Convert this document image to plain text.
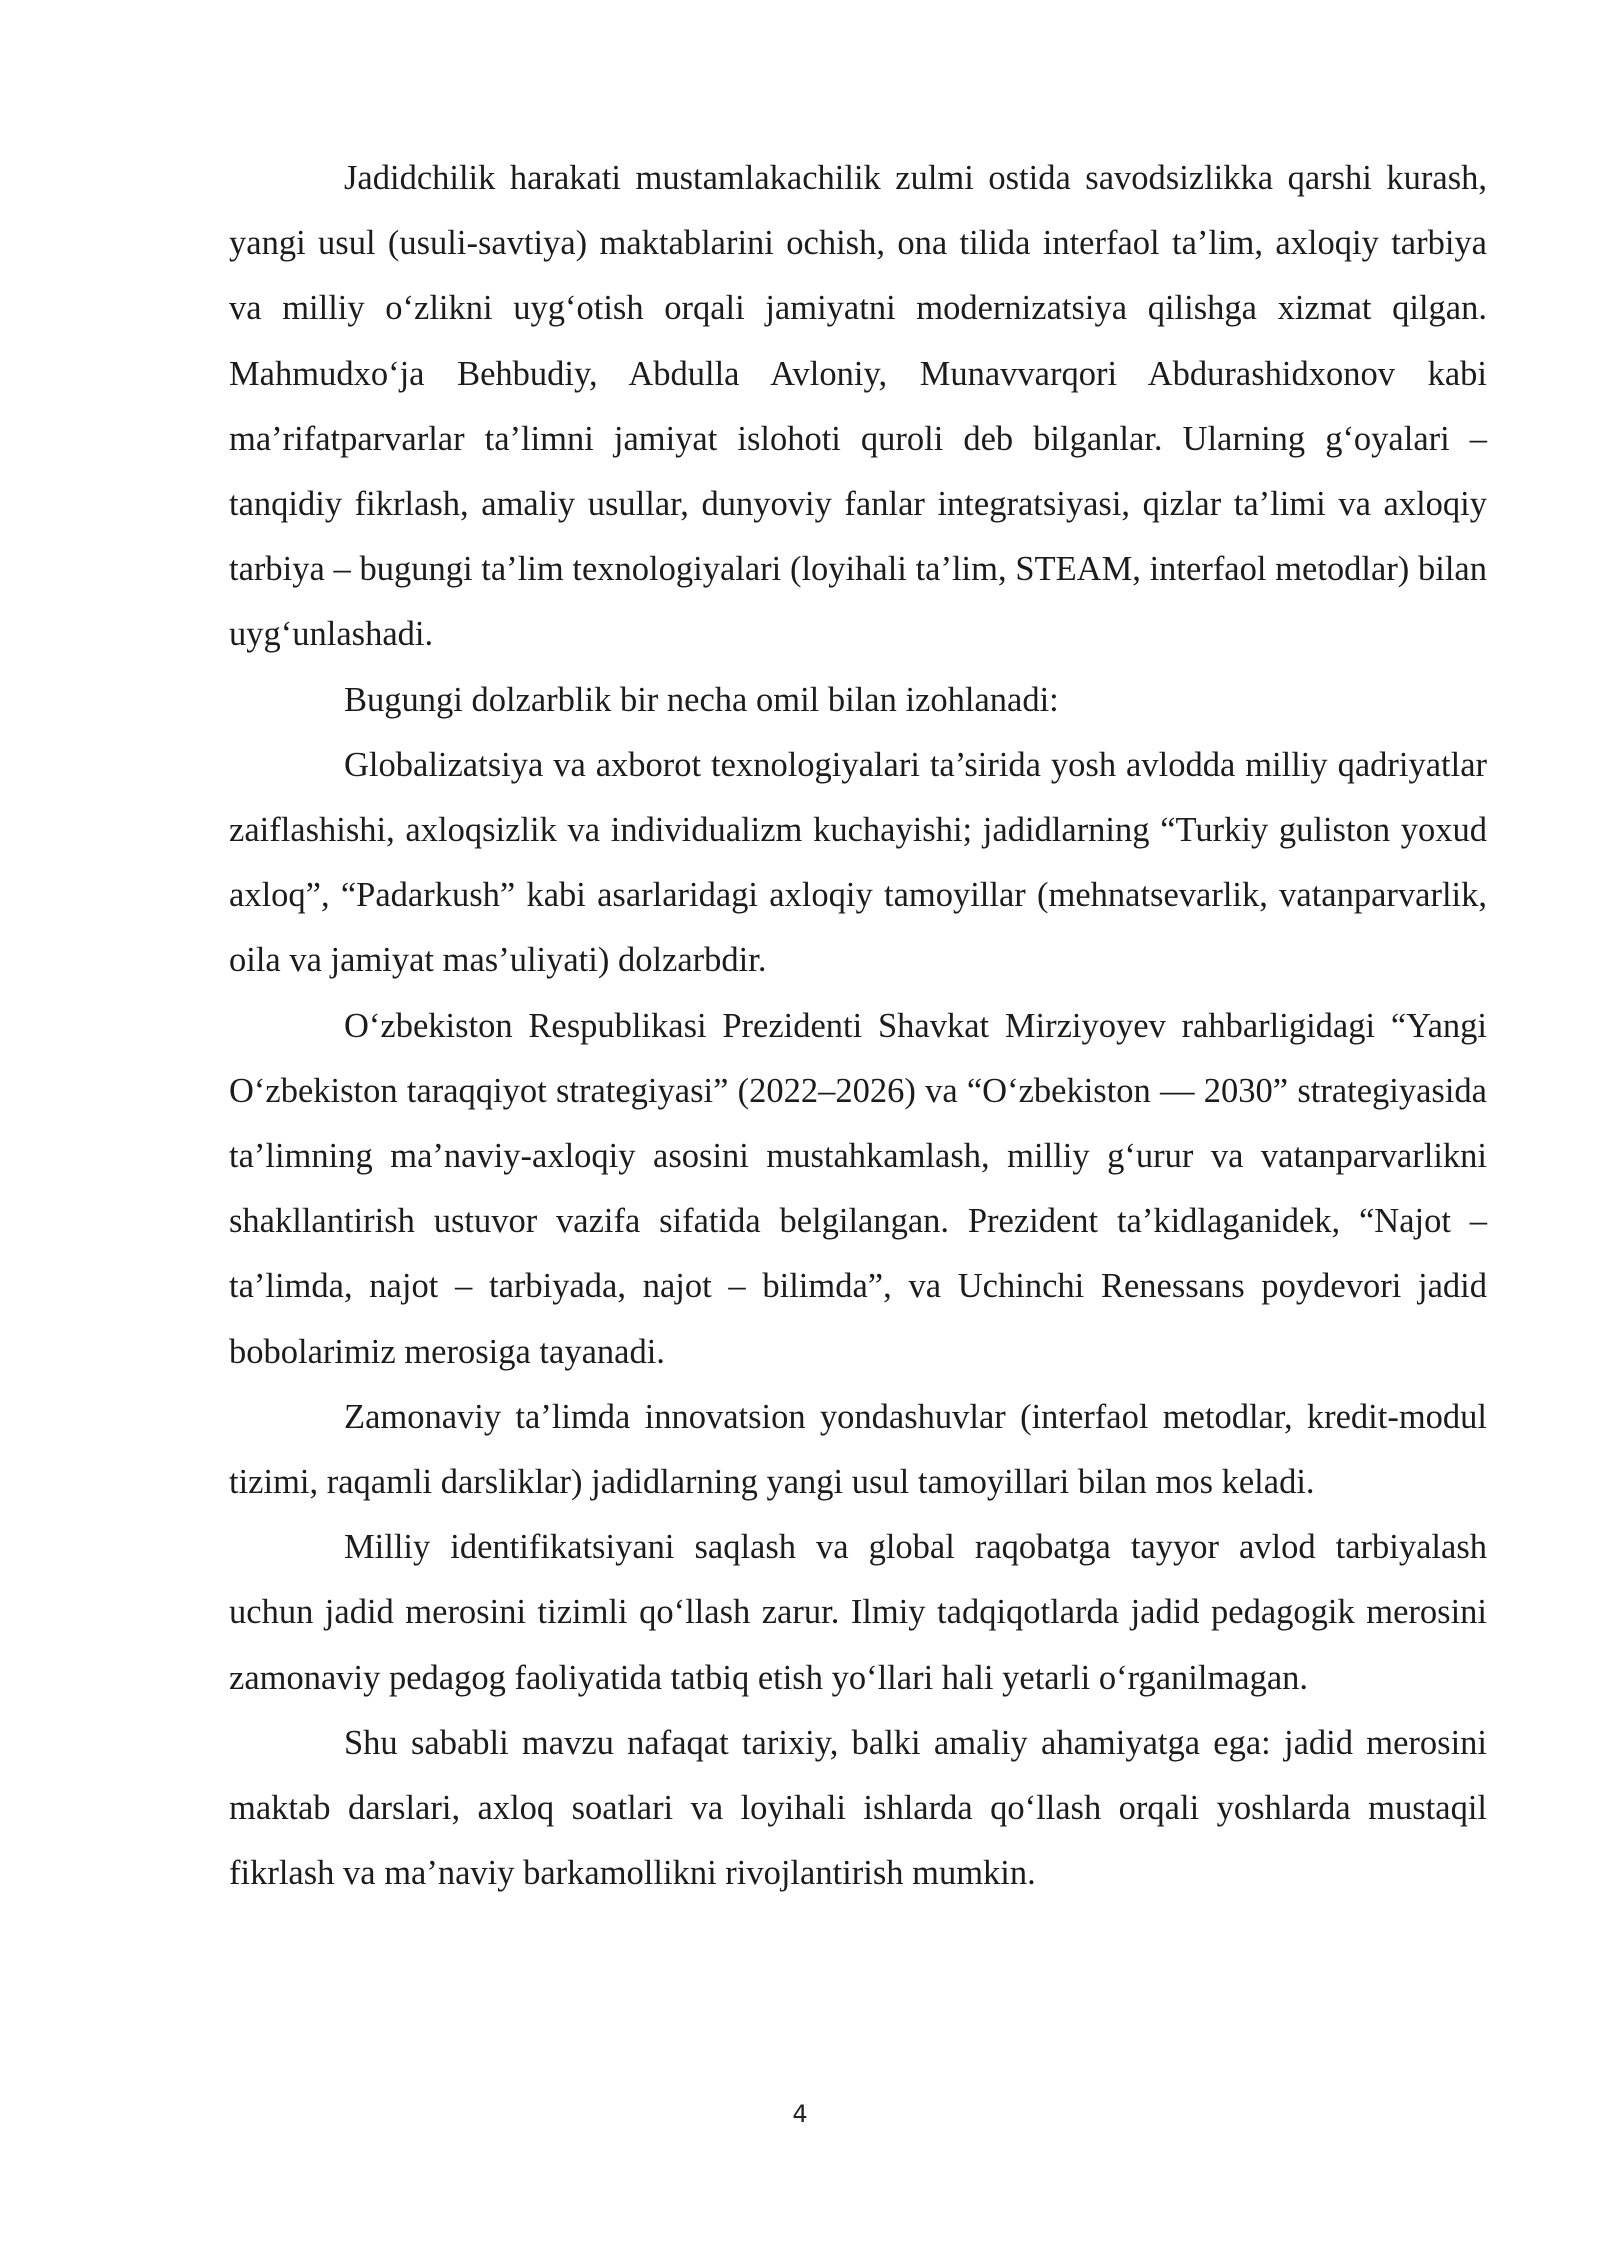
Jadidchilik harakati mustamlakachilik zulmi ostida savodsizlikka qarshi kurash, yangi usul (usuli-savtiya) maktablarini ochish, ona tilida interfaol ta’lim, axloqiy tarbiya va milliy o‘zlikni uyg‘otish orqali jamiyatni modernizatsiya qilishga xizmat qilgan. Mahmudxo‘ja Behbudiy, Abdulla Avloniy, Munavvarqori Abdurashidxonov kabi ma’rifatparvarlar ta’limni jamiyat islohoti quroli deb bilganlar. Ularning g‘oyalari – tanqidiy fikrlash, amaliy usullar, dunyoviy fanlar integratsiyasi, qizlar ta’limi va axloqiy tarbiya – bugungi ta’lim texnologiyalari (loyihali ta’lim, STEAM, interfaol metodlar) bilan uyg‘unlashadi.

Bugungi dolzarblik bir necha omil bilan izohlanadi:

Globalizatsiya va axborot texnologiyalari ta’sirida yosh avlodda milliy qadriyatlar zaiflashishi, axloqsizlik va individualizm kuchayishi; jadidlarning “Turkiy guliston yoxud axloq”, “Padarkush” kabi asarlaridagi axloqiy tamoyillar (mehnatsevarlik, vatanparvarlik, oila va jamiyat mas’uliyati) dolzarbdir.

O‘zbekiston Respublikasi Prezidenti Shavkat Mirziyoyev rahbarligidagi “Yangi O‘zbekiston taraqqiyot strategiyasi” (2022–2026) va “O‘zbekiston — 2030” strategiyasida ta’limning ma’naviy-axloqiy asosini mustahkamlash, milliy g‘urur va vatanparvarlikni shakllantirish ustuvor vazifa sifatida belgilangan. Prezident ta’kidlaganidek, “Najot – ta’limda, najot – tarbiyada, najot – bilimda”, va Uchinchi Renessans poydevori jadid bobolarimiz merosiga tayanadi.

Zamonaviy ta’limda innovatsion yondashuvlar (interfaol metodlar, kredit-modul tizimi, raqamli darsliklar) jadidlarning yangi usul tamoyillari bilan mos keladi.

Milliy identifikatsiyani saqlash va global raqobatga tayyor avlod tarbiyalash uchun jadid merosini tizimli qo‘llash zarur. Ilmiy tadqiqotlarda jadid pedagogik merosini zamonaviy pedagog faoliyatida tatbiq etish yo‘llari hali yetarli o‘rganilmagan.

Shu sababli mavzu nafaqat tarixiy, balki amaliy ahamiyatga ega: jadid merosini maktab darslari, axloq soatlari va loyihali ishlarda qo‘llash orqali yoshlarda mustaqil fikrlash va ma’naviy barkamollikni rivojlantirish mumkin.

4
